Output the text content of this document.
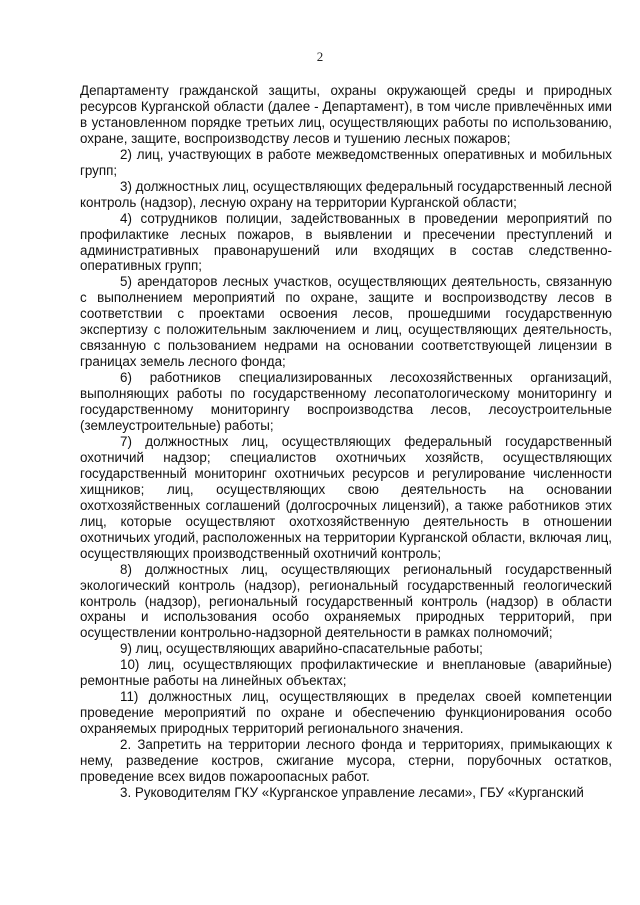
2

Департаменту гражданской защиты, охраны окружающей среды и природных ресурсов Курганской области (далее - Департамент), в том числе привлечённых ими в установленном порядке третьих лиц, осуществляющих работы по использованию, охране, защите, воспроизводству лесов и тушению лесных пожаров;

2) лиц, участвующих в работе межведомственных оперативных и мобильных групп;

3) должностных лиц, осуществляющих федеральный государственный лесной контроль (надзор), лесную охрану на территории Курганской области;

4) сотрудников полиции, задействованных в проведении мероприятий по профилактике лесных пожаров, в выявлении и пресечении преступлений и административных правонарушений или входящих в состав следственно-оперативных групп;

5) арендаторов лесных участков, осуществляющих деятельность, связанную с выполнением мероприятий по охране, защите и воспроизводству лесов в соответствии с проектами освоения лесов, прошедшими государственную экспертизу с положительным заключением и лиц, осуществляющих деятельность, связанную с пользованием недрами на основании соответствующей лицензии в границах земель лесного фонда;

6) работников специализированных лесохозяйственных организаций, выполняющих работы по государственному лесопатологическому мониторингу и государственному мониторингу воспроизводства лесов, лесоустроительные (землеустроительные) работы;

7) должностных лиц, осуществляющих федеральный государственный охотничий надзор; специалистов охотничьих хозяйств, осуществляющих государственный мониторинг охотничьих ресурсов и регулирование численности хищников; лиц, осуществляющих свою деятельность на основании охотхозяйственных соглашений (долгосрочных лицензий), а также работников этих лиц, которые осуществляют охотхозяйственную деятельность в отношении охотничьих угодий, расположенных на территории Курганской области, включая лиц, осуществляющих производственный охотничий контроль;

8) должностных лиц, осуществляющих региональный государственный экологический контроль (надзор), региональный государственный геологический контроль (надзор), региональный государственный контроль (надзор) в области охраны и использования особо охраняемых природных территорий, при осуществлении контрольно-надзорной деятельности в рамках полномочий;

9) лиц, осуществляющих аварийно-спасательные работы;

10) лиц, осуществляющих профилактические и внеплановые (аварийные) ремонтные работы на линейных объектах;

11) должностных лиц, осуществляющих в пределах своей компетенции проведение мероприятий по охране и обеспечению функционирования особо охраняемых природных территорий регионального значения.

2. Запретить на территории лесного фонда и территориях, примыкающих к нему, разведение костров, сжигание мусора, стерни, порубочных остатков, проведение всех видов пожароопасных работ.

3. Руководителям ГКУ «Курганское управление лесами», ГБУ «Курганский
